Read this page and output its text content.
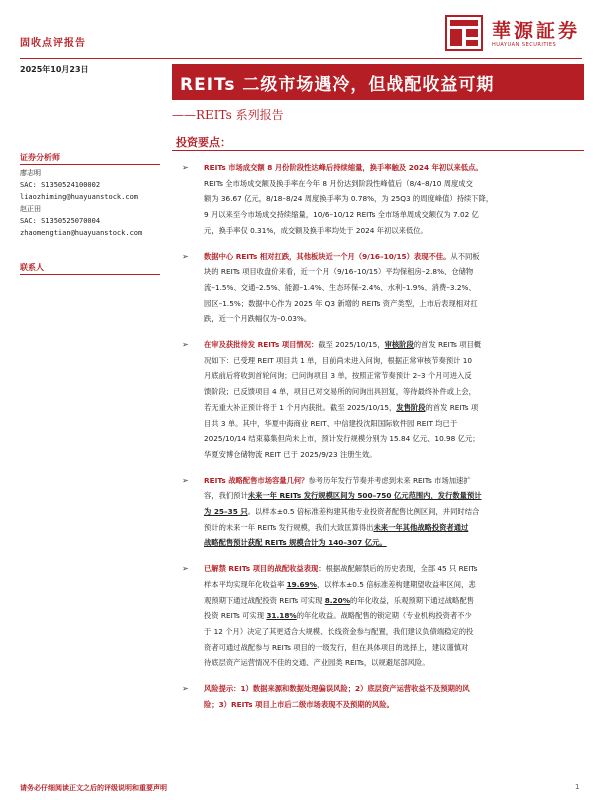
固收点评报告
華源証券
HUAYUAN SECURITIES
2025年10月23日
REITs 二级市场遇冷，但战配收益可期
——REITs 系列报告
投资要点：
证券分析师
廖志明
SAC: S1350524100002
liaozhiming@huayuanstock.com
赵正田
SAC: S1350525070004
zhaomengtian@huayuanstock.com
联系人
➢ REITs 市场成交额 8 月份阶段性达峰后持续缩量，换手率触及 2024 年初以来低点。
REITs 全市场成交额及换手率在今年 8 月份达到阶段性峰值后（8/4–8/10 周度成交
额为 36.67 亿元，8/18–8/24 周度换手率为 0.78%，为 25Q3 的周度峰值）持续下降，
9 月以来至今市场成交持续缩量，10/6–10/12 REITs 全市场单周成交额仅为 7.02 亿
元，换手率仅 0.31%，成交额及换手率均处于 2024 年初以来低位。
➢ 数据中心 REITs 相对扛跌，其他板块近一个月（9/16–10/15）表现不佳。从不同板
块的 REITs 项目收盘价来看，近一个月（9/16–10/15）平均保租房–2.8%、仓储物
流–1.5%、交通–2.5%、能源–1.4%、生态环保–2.4%、水利–1.9%、消费–3.2%、
园区–1.5%；数据中心作为 2025 年 Q3 新增的 REITs 资产类型，上市后表现相对扛
跌，近一个月跌幅仅为–0.03%。
➢ 在审及获批待发 REITs 项目情况：截至 2025/10/15，审核阶段的首发 REITs 项目概
况如下：已受理 REIT 项目共 1 单，目前尚未进入问询，根据正常审核节奏预计 10
月底前后将收到首轮问询；已问询项目 3 单，按照正常节奏预计 2–3 个月可进入反
馈阶段；已反馈项目 4 单，项目已对交易所的问询出具回复，等待最终补件或上会，
若无重大补正预计将于 1 个月内获批。截至 2025/10/15，发售阶段的首发 REITs 项
目共 3 单。其中，华夏中海商业 REIT、中信建投沈阳国际软件园 REIT 均已于
2025/10/14 结束募集但尚未上市，预计发行规模分别为 15.84 亿元、10.98 亿元；
华夏安博仓储物流 REIT 已于 2025/9/23 注册生效。
➢ REITs 战略配售市场容量几何？参考历年发行节奏并考虑到未来 REITs 市场加速扩
容，我们预计未来一年 REITs 发行规模区间为 500–750 亿元范围内，发行数量预计
为 25–35 只。以样本±0.5 倍标准差构建其他专业投资者配售比例区间，并同时结合
预计的未来一年 REITs 发行规模，我们大致匡算得出未来一年其他战略投资者通过
战略配售预计获配 REITs 规模合计为 140–307 亿元。
➢ 已解禁 REITs 项目的战配收益表现：根据战配解禁后的历史表现，全部 45 只 REITs
样本平均实现年化收益率 19.69%，以样本±0.5 倍标准差构建期望收益率区间，悲
观预期下通过战配投资 REITs 可实现 8.20%的年化收益，乐观预期下通过战略配售
投资 REITs 可实现 31.18%的年化收益。战略配售的锁定期（专业机构投资者不少
于 12 个月）决定了其更适合大规模、长线资金参与配置，我们建议负债端稳定的投
资者可通过战配参与 REITs 项目的一级发行，但在具体项目的选择上，建议谨慎对
待底层资产运营情况不佳的交通、产业园类 REITs，以规避尾部风险。
➢ 风险提示：1）数据来源和数据处理偏误风险；2）底层资产运营收益不及预期的风
险；3）REITs 项目上市后二级市场表现不及预期的风险。
请务必仔细阅读正文之后的评级说明和重要声明	1
